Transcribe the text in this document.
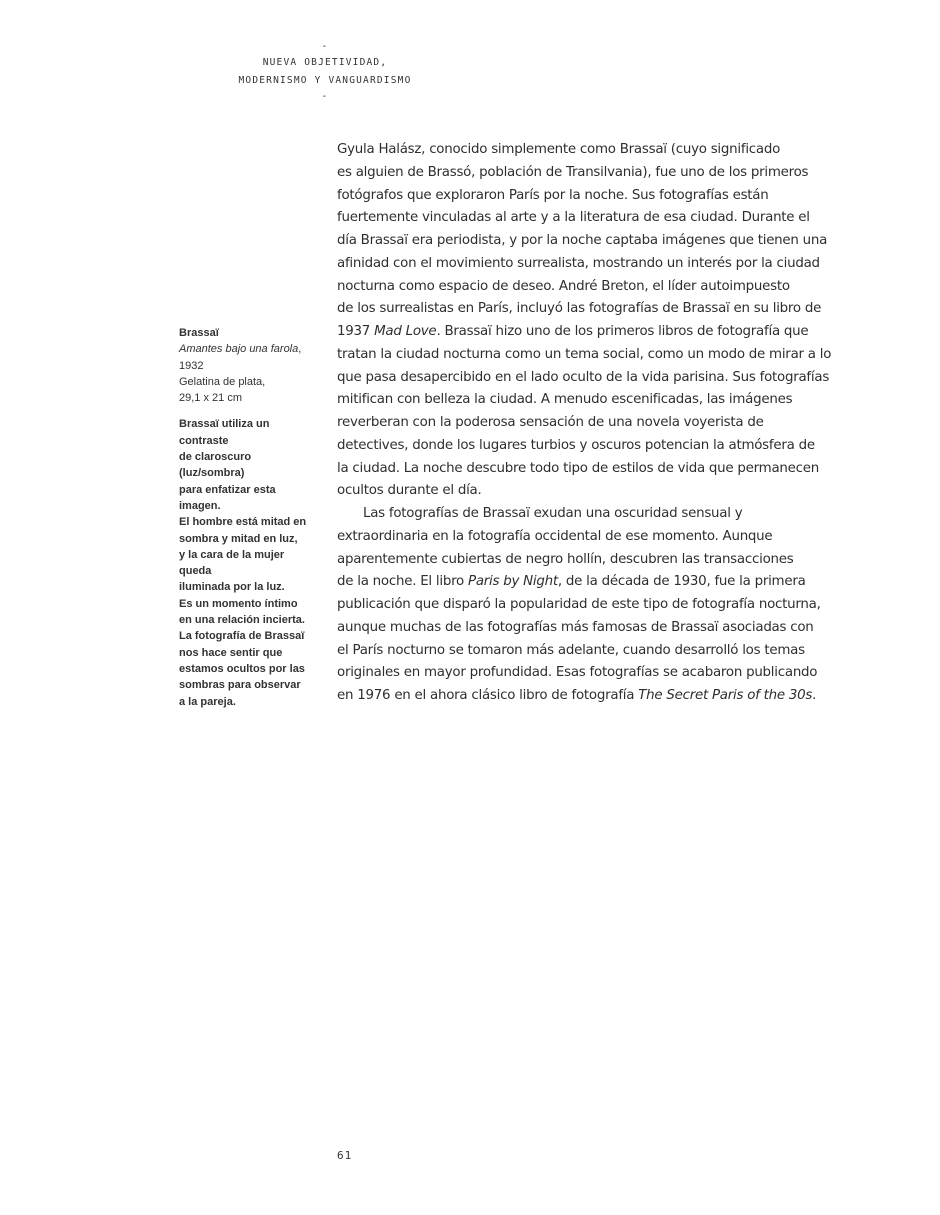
-
NUEVA OBJETIVIDAD,
MODERNISMO Y VANGUARDISMO
-
Brassaï
Amantes bajo una farola,
1932
Gelatina de plata,
29,1 x 21 cm
Brassaï utiliza un contraste
de claroscuro (luz/sombra)
para enfatizar esta imagen.
El hombre está mitad en
sombra y mitad en luz,
y la cara de la mujer queda
iluminada por la luz.
Es un momento íntimo
en una relación incierta.
La fotografía de Brassaï
nos hace sentir que
estamos ocultos por las
sombras para observar
a la pareja.
Gyula Halász, conocido simplemente como Brassaï (cuyo significado
es alguien de Brassó, población de Transilvania), fue uno de los primeros
fotógrafos que exploraron París por la noche. Sus fotografías están
fuertemente vinculadas al arte y a la literatura de esa ciudad. Durante el
día Brassaï era periodista, y por la noche captaba imágenes que tienen una
afinidad con el movimiento surrealista, mostrando un interés por la ciudad
nocturna como espacio de deseo. André Breton, el líder autoimpuesto
de los surrealistas en París, incluyó las fotografías de Brassaï en su libro de
1937 Mad Love. Brassaï hizo uno de los primeros libros de fotografía que
tratan la ciudad nocturna como un tema social, como un modo de mirar a lo
que pasa desapercibido en el lado oculto de la vida parisina. Sus fotografías
mitifican con belleza la ciudad. A menudo escenificadas, las imágenes
reverberan con la poderosa sensación de una novela voyerista de
detectives, donde los lugares turbios y oscuros potencian la atmósfera de
la ciudad. La noche descubre todo tipo de estilos de vida que permanecen
ocultos durante el día.
Las fotografías de Brassaï exudan una oscuridad sensual y
extraordinaria en la fotografía occidental de ese momento. Aunque
aparentemente cubiertas de negro hollín, descubren las transacciones
de la noche. El libro Paris by Night, de la década de 1930, fue la primera
publicación que disparó la popularidad de este tipo de fotografía nocturna,
aunque muchas de las fotografías más famosas de Brassaï asociadas con
el París nocturno se tomaron más adelante, cuando desarrolló los temas
originales en mayor profundidad. Esas fotografías se acabaron publicando
en 1976 en el ahora clásico libro de fotografía The Secret Paris of the 30s.
61
